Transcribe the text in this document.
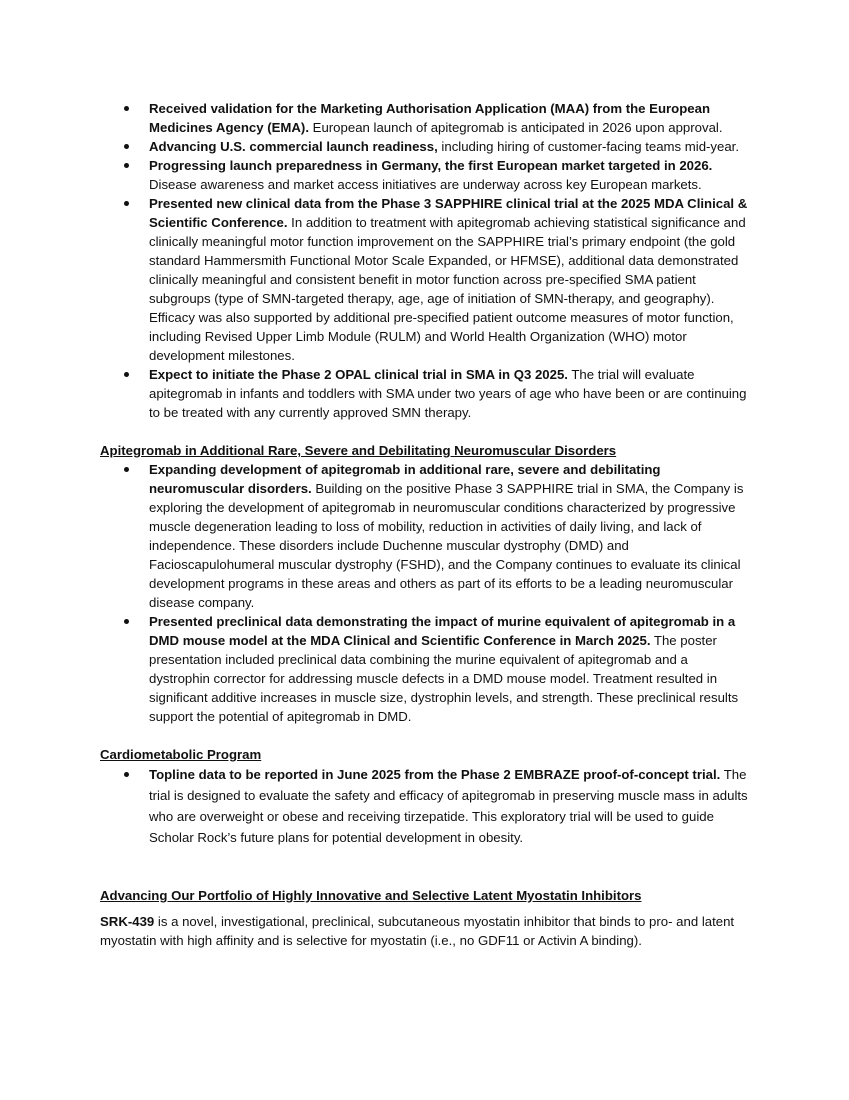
Received validation for the Marketing Authorisation Application (MAA) from the European Medicines Agency (EMA). European launch of apitegromab is anticipated in 2026 upon approval.
Advancing U.S. commercial launch readiness, including hiring of customer-facing teams mid-year.
Progressing launch preparedness in Germany, the first European market targeted in 2026. Disease awareness and market access initiatives are underway across key European markets.
Presented new clinical data from the Phase 3 SAPPHIRE clinical trial at the 2025 MDA Clinical & Scientific Conference. In addition to treatment with apitegromab achieving statistical significance and clinically meaningful motor function improvement on the SAPPHIRE trial’s primary endpoint (the gold standard Hammersmith Functional Motor Scale Expanded, or HFMSE), additional data demonstrated clinically meaningful and consistent benefit in motor function across pre-specified SMA patient subgroups (type of SMN-targeted therapy, age, age of initiation of SMN-therapy, and geography). Efficacy was also supported by additional pre-specified patient outcome measures of motor function, including Revised Upper Limb Module (RULM) and World Health Organization (WHO) motor development milestones.
Expect to initiate the Phase 2 OPAL clinical trial in SMA in Q3 2025. The trial will evaluate apitegromab in infants and toddlers with SMA under two years of age who have been or are continuing to be treated with any currently approved SMN therapy.

Apitegromab in Additional Rare, Severe and Debilitating Neuromuscular Disorders

Expanding development of apitegromab in additional rare, severe and debilitating neuromuscular disorders. Building on the positive Phase 3 SAPPHIRE trial in SMA, the Company is exploring the development of apitegromab in neuromuscular conditions characterized by progressive muscle degeneration leading to loss of mobility, reduction in activities of daily living, and lack of independence. These disorders include Duchenne muscular dystrophy (DMD) and Facioscapulohumeral muscular dystrophy (FSHD), and the Company continues to evaluate its clinical development programs in these areas and others as part of its efforts to be a leading neuromuscular disease company.
Presented preclinical data demonstrating the impact of murine equivalent of apitegromab in a DMD mouse model at the MDA Clinical and Scientific Conference in March 2025. The poster presentation included preclinical data combining the murine equivalent of apitegromab and a dystrophin corrector for addressing muscle defects in a DMD mouse model. Treatment resulted in significant additive increases in muscle size, dystrophin levels, and strength. These preclinical results support the potential of apitegromab in DMD.

Cardiometabolic Program

Topline data to be reported in June 2025 from the Phase 2 EMBRAZE proof-of-concept trial. The trial is designed to evaluate the safety and efficacy of apitegromab in preserving muscle mass in adults who are overweight or obese and receiving tirzepatide. This exploratory trial will be used to guide Scholar Rock’s future plans for potential development in obesity.

Advancing Our Portfolio of Highly Innovative and Selective Latent Myostatin Inhibitors

SRK-439 is a novel, investigational, preclinical, subcutaneous myostatin inhibitor that binds to pro- and latent myostatin with high affinity and is selective for myostatin (i.e., no GDF11 or Activin A binding).
